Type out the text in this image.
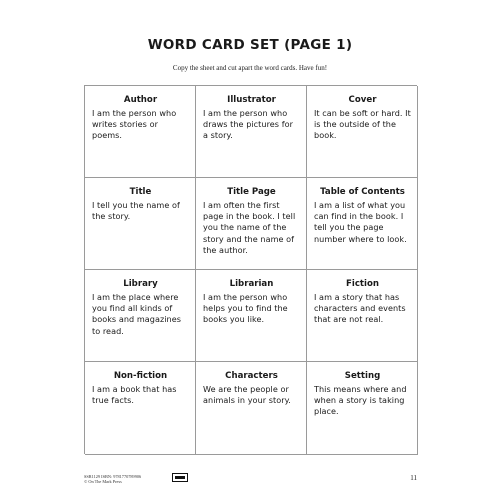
WORD CARD SET (PAGE 1)
Copy the sheet and cut apart the word cards. Have fun!
Author
I am the person who writes stories or poems.
Illustrator
I am the person who draws the pictures for a story.
Cover
It can be soft or hard. It is the outside of the book.
Title
I tell you the name of the story.
Title Page
I am often the first page in the book. I tell you the name of the story and the name of the author.
Table of Contents
I am a list of what you can find in the book. I tell you the page number where to look.
Library
I am the place where you find all kinds of books and magazines to read.
Librarian
I am the person who helps you to find the books you like.
Fiction
I am a story that has characters and events that are not real.
Non-fiction
I am a book that has true facts.
Characters
We are the people or animals in your story.
Setting
This means where and when a story is taking place.
SSR1129 ISBN: 9781770789906
© On The Mark Press	11
